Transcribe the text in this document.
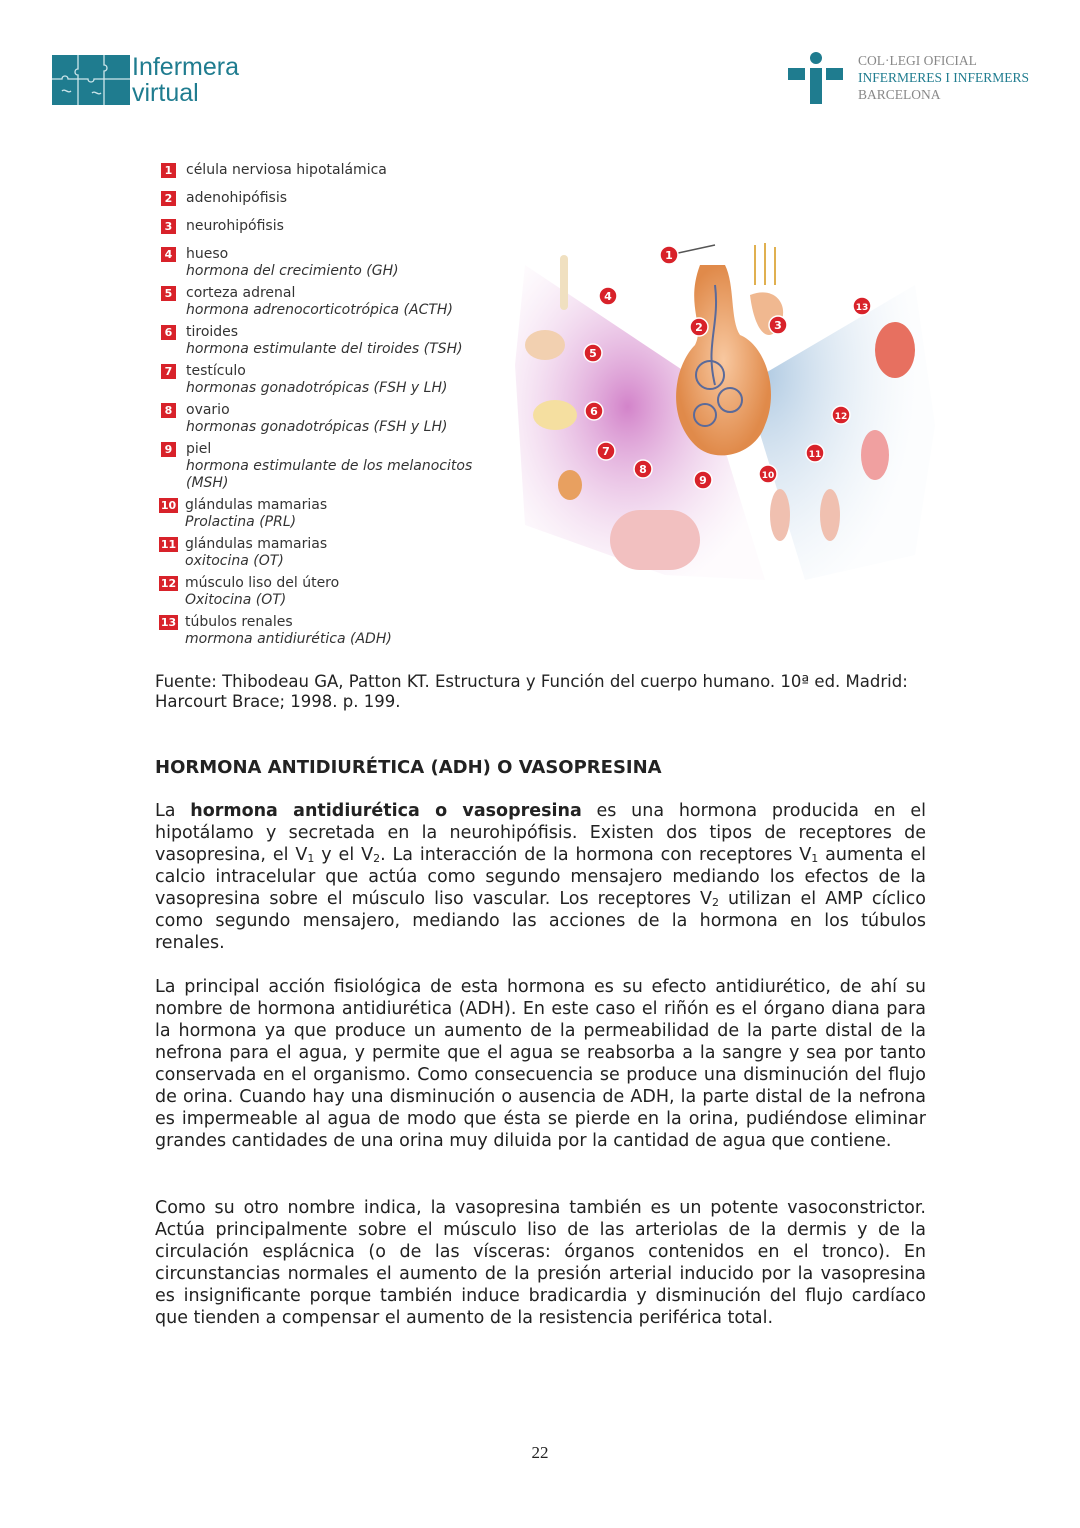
Infermera
virtual
COL·LEGI OFICIAL
INFERMERES I INFERMERS
BARCELONA
1 célula nerviosa hipotalámica
2 adenohipófisis
3 neurohipófisis
4 hueso
hormona del crecimiento (GH)
5 corteza adrenal
hormona adrenocorticotrópica (ACTH)
6 tiroides
hormona estimulante del tiroides (TSH)
7 testículo
hormonas gonadotrópicas (FSH y LH)
8 ovario
hormonas gonadotrópicas (FSH y LH)
9 piel
hormona estimulante de los melanocitos (MSH)
10 glándulas mamarias
Prolactina (PRL)
11 glándulas mamarias
oxitocina (OT)
12 músculo liso del útero
Oxitocina (OT)
13 túbulos renales
mormona antidiurética (ADH)
1
2	3
4
5
6
7
8
9	10
11
12
13
Fuente: Thibodeau GA, Patton KT. Estructura y Función del cuerpo humano. 10ª ed. Madrid: Harcourt Brace; 1998. p. 199.
HORMONA ANTIDIURÉTICA (ADH) O VASOPRESINA
La hormona antidiurética o vasopresina es una hormona producida en el hipotálamo y secretada en la neurohipófisis. Existen dos tipos de receptores de vasopresina, el $V_1$ y el $V_2$. La interacción de la hormona con receptores $V_1$ aumenta el calcio intracelular que actúa como segundo mensajero mediando los efectos de la vasopresina sobre el músculo liso vascular. Los receptores $V_2$ utilizan el AMP cíclico como segundo mensajero, mediando las acciones de la hormona en los túbulos renales.
La principal acción fisiológica de esta hormona es su efecto antidiurético, de ahí su nombre de hormona antidiurética (ADH). En este caso el riñón es el órgano diana para la hormona ya que produce un aumento de la permeabilidad de la parte distal de la nefrona para el agua, y permite que el agua se reabsorba a la sangre y sea por tanto conservada en el organismo. Como consecuencia se produce una disminución del flujo de orina. Cuando hay una disminución o ausencia de ADH, la parte distal de la nefrona es impermeable al agua de modo que ésta se pierde en la orina, pudiéndose eliminar grandes cantidades de una orina muy diluida por la cantidad de agua que contiene.
Como su otro nombre indica, la vasopresina también es un potente vasoconstrictor. Actúa principalmente sobre el músculo liso de las arteriolas de la dermis y de la circulación esplácnica (o de las vísceras: órganos contenidos en el tronco). En circunstancias normales el aumento de la presión arterial inducido por la vasopresina es insignificante porque también induce bradicardia y disminución del flujo cardíaco que tienden a compensar el aumento de la resistencia periférica total.
22
